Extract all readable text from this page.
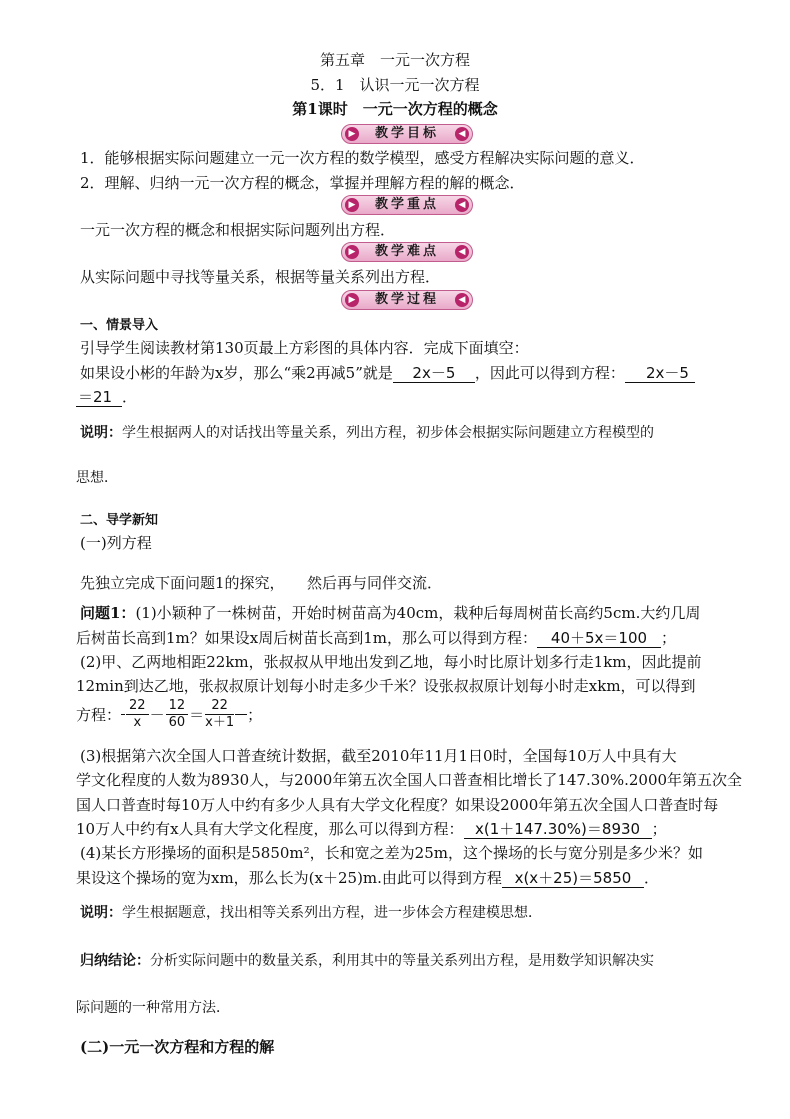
第五章　一元一次方程
5．1　认识一元一次方程
第1课时　一元一次方程的概念
▶ 教学目标	◀
1．能够根据实际问题建立一元一次方程的数学模型，感受方程解决实际问题的意义．
2．理解、归纳一元一次方程的概念，掌握并理解方程的解的概念．
▶ 教学重点	◀
一元一次方程的概念和根据实际问题列出方程．
▶ 教学难点	◀
从实际问题中寻找等量关系，根据等量关系列出方程．
▶ 教学过程	◀
一、情景导入
引导学生阅读教材第130页最上方彩图的具体内容．完成下面填空：
如果设小彬的年龄为x岁，那么“乘2再减5”就是 2x－5 ，因此可以得到方程： 2x－5
＝21 ．
说明：学生根据两人的对话找出等量关系，列出方程，初步体会根据实际问题建立方程模型的
思想．
二、导学新知
(一)列方程
先独立完成下面问题1的探究，　　然后再与同伴交流．
问题1：(1)小颖种了一株树苗，开始时树苗高为40cm，栽种后每周树苗长高约5cm.大约几周
后树苗长高到1m？如果设x周后树苗长高到1m，那么可以得到方程： 40＋5x＝100 ；
(2)甲、乙两地相距22km，张叔叔从甲地出发到乙地，每小时比原计划多行走1km，因此提前
12min到达乙地，张叔叔原计划每小时走多少千米？设张叔叔原计划每小时走xkm，可以得到
方程： $\frac{22}{x} - \frac{12}{60} = \frac{22}{x+1}$ ；
(3)根据第六次全国人口普查统计数据，截至2010年11月1日0时，全国每10万人中具有大
学文化程度的人数为8930人，与2000年第五次全国人口普查相比增长了147.30%.2000年第五次全
国人口普查时每10万人中约有多少人具有大学文化程度？如果设2000年第五次全国人口普查时每
10万人中约有x人具有大学文化程度，那么可以得到方程： x(1＋147.30%)＝8930 ；
(4)某长方形操场的面积是5850m²，长和宽之差为25m，这个操场的长与宽分别是多少米？如
果设这个操场的宽为xm，那么长为(x＋25)m.由此可以得到方程 x(x＋25)＝5850 ．
说明：学生根据题意，找出相等关系列出方程，进一步体会方程建模思想．
归纳结论：分析实际问题中的数量关系，利用其中的等量关系列出方程，是用数学知识解决实
际问题的一种常用方法．
(二)一元一次方程和方程的解
